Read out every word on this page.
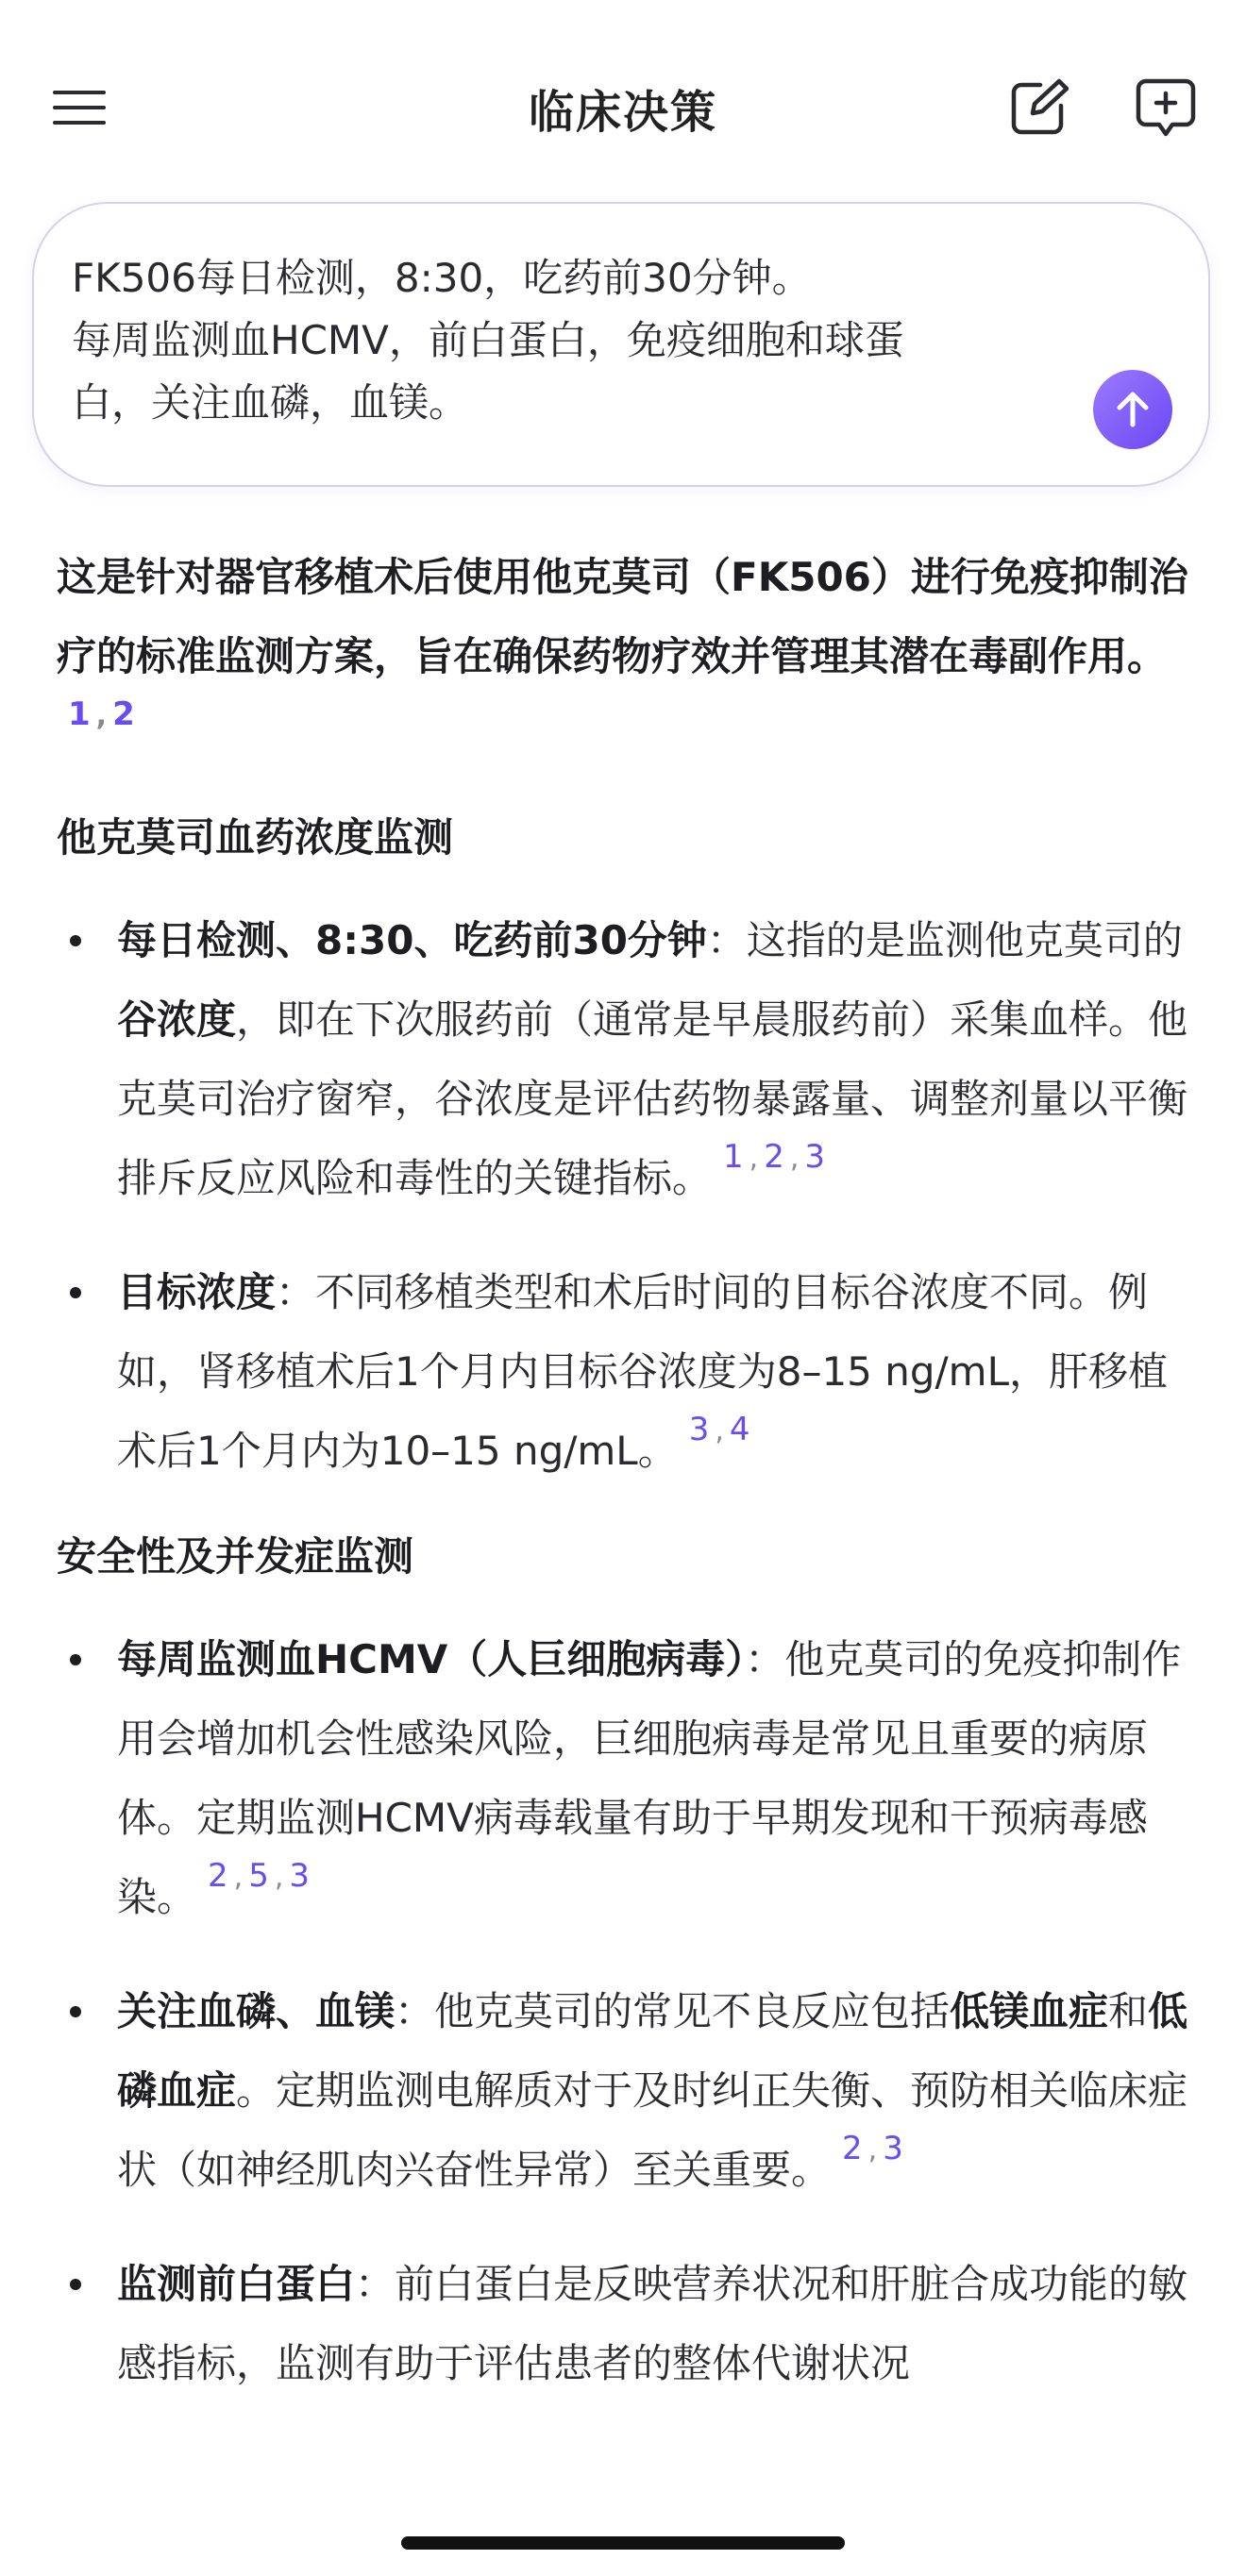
临床决策
FK506每日检测，8:30，吃药前30分钟。
每周监测血HCMV，前白蛋白，免疫细胞和球蛋
白，关注血磷，血镁。

这是针对器官移植术后使用他克莫司（FK506）进行免疫抑制治疗的标准监测方案，旨在确保药物疗效并管理其潜在毒副作用。$^{1 , 2}$

他克莫司血药浓度监测
每日检测、8:30、吃药前30分钟：这指的是监测他克莫司的谷浓度，即在下次服药前（通常是早晨服药前）采集血样。他克莫司治疗窗窄，谷浓度是评估药物暴露量、调整剂量以平衡排斥反应风险和毒性的关键指标。 $^{1 , 2 , 3}$
目标浓度：不同移植类型和术后时间的目标谷浓度不同。例如，肾移植术后1个月内目标谷浓度为8–15 ng/mL，肝移植术后1个月内为10–15 ng/mL。 $^{3 , 4}$
安全性及并发症监测
每周监测血HCMV（人巨细胞病毒）：他克莫司的免疫抑制作用会增加机会性感染风险，巨细胞病毒是常见且重要的病原体。定期监测HCMV病毒载量有助于早期发现和干预病毒感染。 $^{2 , 5 , 3}$
关注血磷、血镁：他克莫司的常见不良反应包括低镁血症和低磷血症。定期监测电解质对于及时纠正失衡、预防相关临床症状（如神经肌肉兴奋性异常）至关重要。 $^{2 , 3}$
监测前白蛋白：前白蛋白是反映营养状况和肝脏合成功能的敏感指标，监测有助于评估患者的整体代谢状况
